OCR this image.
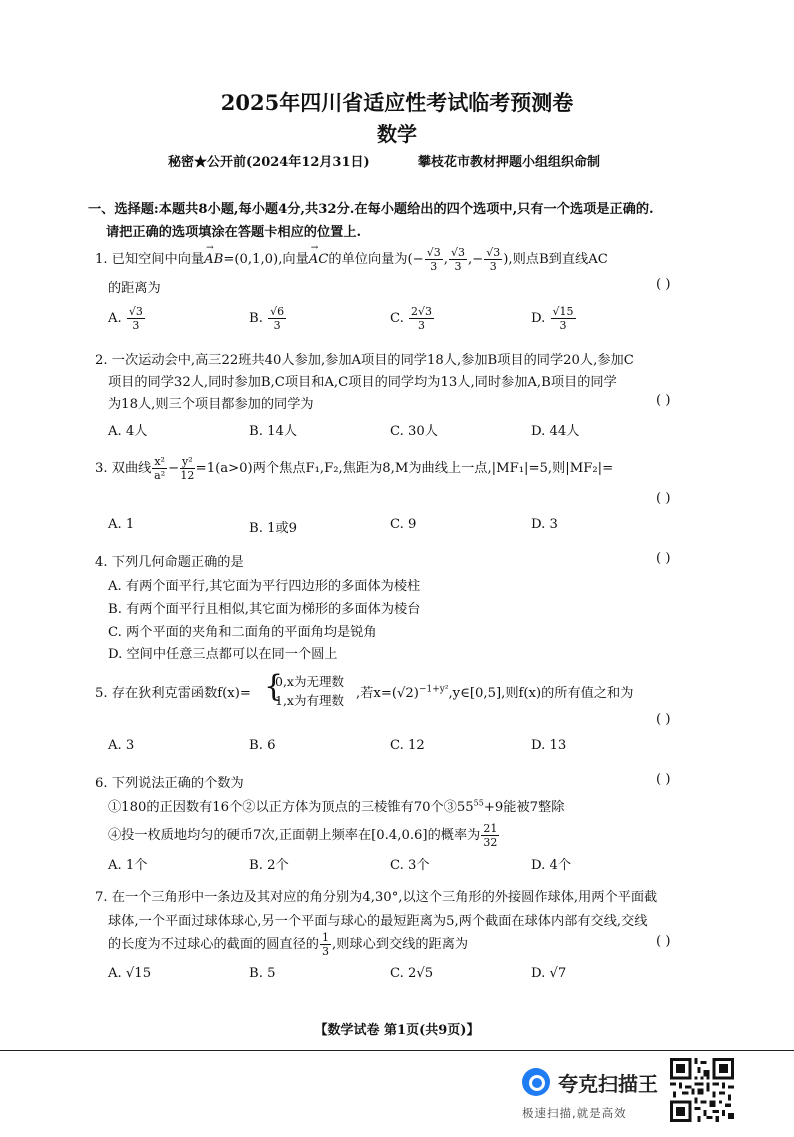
2025年四川省适应性考试临考预测卷
数学
秘密★公开前(2024年12月31日)	攀枝花市教材押题小组组织命制
一、选择题:本题共8小题,每小题4分,共32分.在每小题给出的四个选项中,只有一个选项是正确的.
请把正确的选项填涂在答题卡相应的位置上.
1. 已知空间中向量→ AB=(0,1,0),向量→ AC的单位向量为(− $\frac{√3}{3}$ , $\frac{√3}{3}$ ,− $\frac{√3}{3}$ ),则点B到直线AC
的距离为	( )
A. $\frac{√3}{3}$	B. $\frac{√6}{3}$	C. $\frac{2√3}{3}$	D. $\frac{√15}{3}$
2. 一次运动会中,高三22班共40人参加,参加A项目的同学18人,参加B项目的同学20人,参加C
项目的同学32人,同时参加B,C项目和A,C项目的同学均为13人,同时参加A,B项目的同学
为18人,则三个项目都参加的同学为	( )
A. 4人	B. 14人	C. 30人	D. 44人
3. 双曲线 $\frac{\text{x²}}{\text{a²}} - \frac{\text{y²}}{12} =1(a>0)$两个焦点F₁,F₂,焦距为8,M为曲线上一点,|MF₁|=5,则|MF₂|=
( )
A. 1	B. 1或9	C. 9	D. 3
4. 下列几何命题正确的是	( )
A. 有两个面平行,其它面为平行四边形的多面体为棱柱
B. 有两个面平行且相似,其它面为梯形的多面体为棱台
C. 两个平面的夹角和二面角的平面角均是锐角
D. 空间中任意三点都可以在同一个圆上
5. 存在狄利克雷函数f(x)= {
0,x为无理数
1,x为有理数 ,若$x=(√2)^{-1+y^2},y\in[0,5]$,则f(x)的所有值之和为
( )
A. 3	B. 6	C. 12	D. 13
6. 下列说法正确的个数为	( )
①180的正因数有16个②以正方体为顶点的三棱锥有70个$③55^{55}+9$能被7整除
④投一枚质地均匀的硬币7次,正面朝上频率在[0.4,0.6]的概率为 $\frac{21}{32}$
A. 1个	B. 2个	C. 3个	D. 4个
7. 在一个三角形中一条边及其对应的角分别为4,30°,以这个三角形的外接圆作球体,用两个平面截
球体,一个平面过球体球心,另一个平面与球心的最短距离为5,两个截面在球体内部有交线,交线
的长度为不过球心的截面的圆直径的 $\frac{1}{3}$ ,则球心到交线的距离为	( )
A. √15	B. 5	C. 2√5	D. √7
【数学试卷 第1页(共9页)】
夸克扫描王
极速扫描,就是高效
